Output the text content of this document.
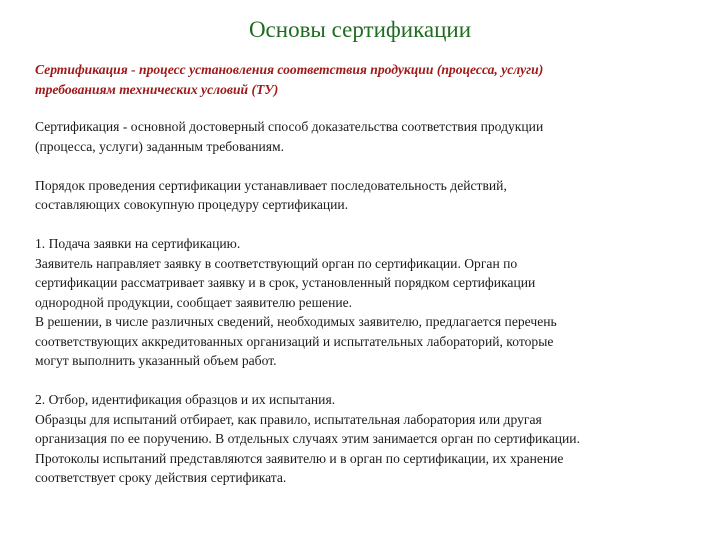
Основы сертификации
Сертификация - процесс установления соответствия продукции (процесса, услуги)
требованиям технических условий (ТУ)
Сертификация - основной достоверный способ доказательства соответствия продукции
(процесса, услуги) заданным требованиям.
Порядок проведения сертификации устанавливает последовательность действий,
составляющих совокупную процедуру сертификации.
1. Подача заявки на сертификацию.
Заявитель направляет заявку в соответствующий орган по сертификации. Орган по
сертификации рассматривает заявку и в срок, установленный порядком сертификации
однородной продукции, сообщает заявителю решение.
В решении, в числе различных сведений, необходимых заявителю, предлагается перечень
соответствующих аккредитованных организаций и испытательных лабораторий, которые
могут выполнить указанный объем работ.
2. Отбор, идентификация образцов и их испытания.
Образцы для испытаний отбирает, как правило, испытательная лаборатория или другая
организация по ее поручению. В отдельных случаях этим занимается орган по сертификации.
Протоколы испытаний представляются заявителю и в орган по сертификации, их хранение
соответствует сроку действия сертификата.
